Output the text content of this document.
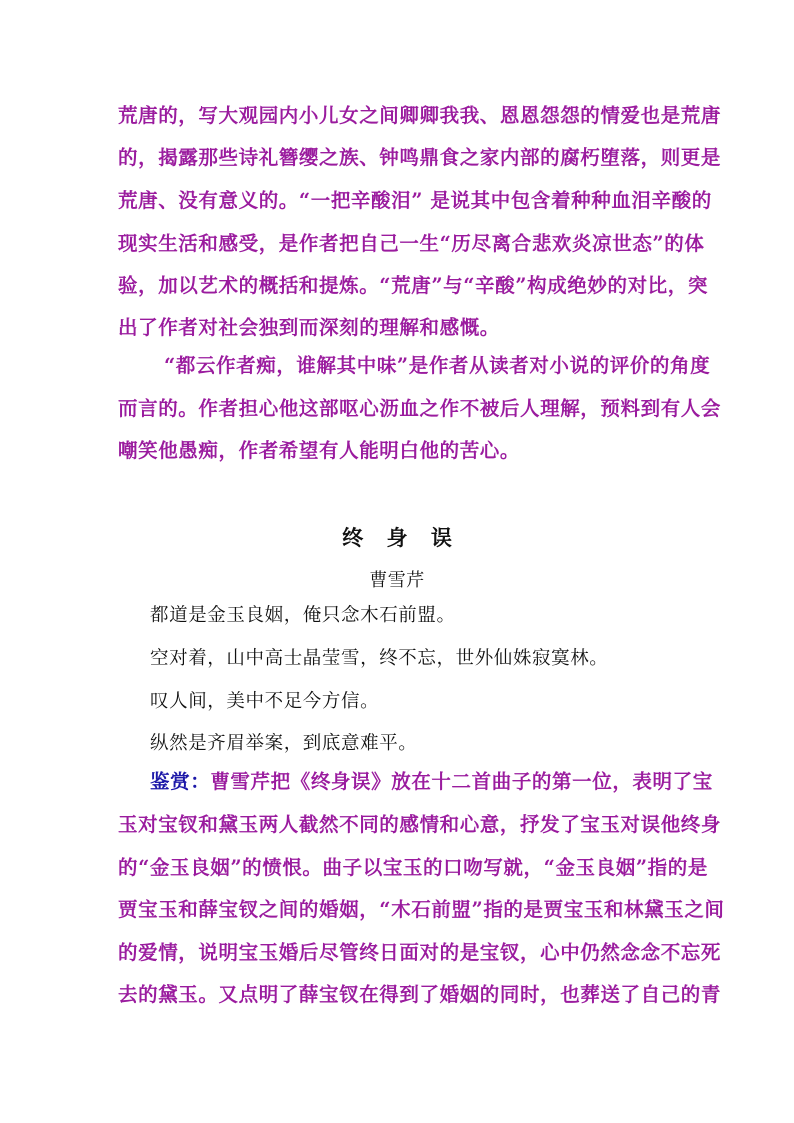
荒唐的，写大观园内小儿女之间卿卿我我、恩恩怨怨的情爱也是荒唐
的，揭露那些诗礼簪缨之族、钟鸣鼎食之家内部的腐朽堕落，则更是
荒唐、没有意义的。“一把辛酸泪” 是说其中包含着种种血泪辛酸的
现实生活和感受，是作者把自己一生“历尽离合悲欢炎凉世态”的体
验，加以艺术的概括和提炼。“荒唐”与“辛酸”构成绝妙的对比，突
出了作者对社会独到而深刻的理解和感慨。
“都云作者痴，谁解其中味”是作者从读者对小说的评价的角度
而言的。作者担心他这部呕心沥血之作不被后人理解，预料到有人会
嘲笑他愚痴，作者希望有人能明白他的苦心。
终 身 误
曹雪芹
都道是金玉良姻，俺只念木石前盟。
空对着，山中高士晶莹雪，终不忘，世外仙姝寂寞林。
叹人间，美中不足今方信。
纵然是齐眉举案，到底意难平。
鉴赏：曹雪芹把《终身误》放在十二首曲子的第一位，表明了宝
玉对宝钗和黛玉两人截然不同的感情和心意，抒发了宝玉对误他终身
的“金玉良姻”的愤恨。曲子以宝玉的口吻写就，“金玉良姻”指的是
贾宝玉和薛宝钗之间的婚姻，“木石前盟”指的是贾宝玉和林黛玉之间
的爱情，说明宝玉婚后尽管终日面对的是宝钗，心中仍然念念不忘死
去的黛玉。又点明了薛宝钗在得到了婚姻的同时，也葬送了自己的青
